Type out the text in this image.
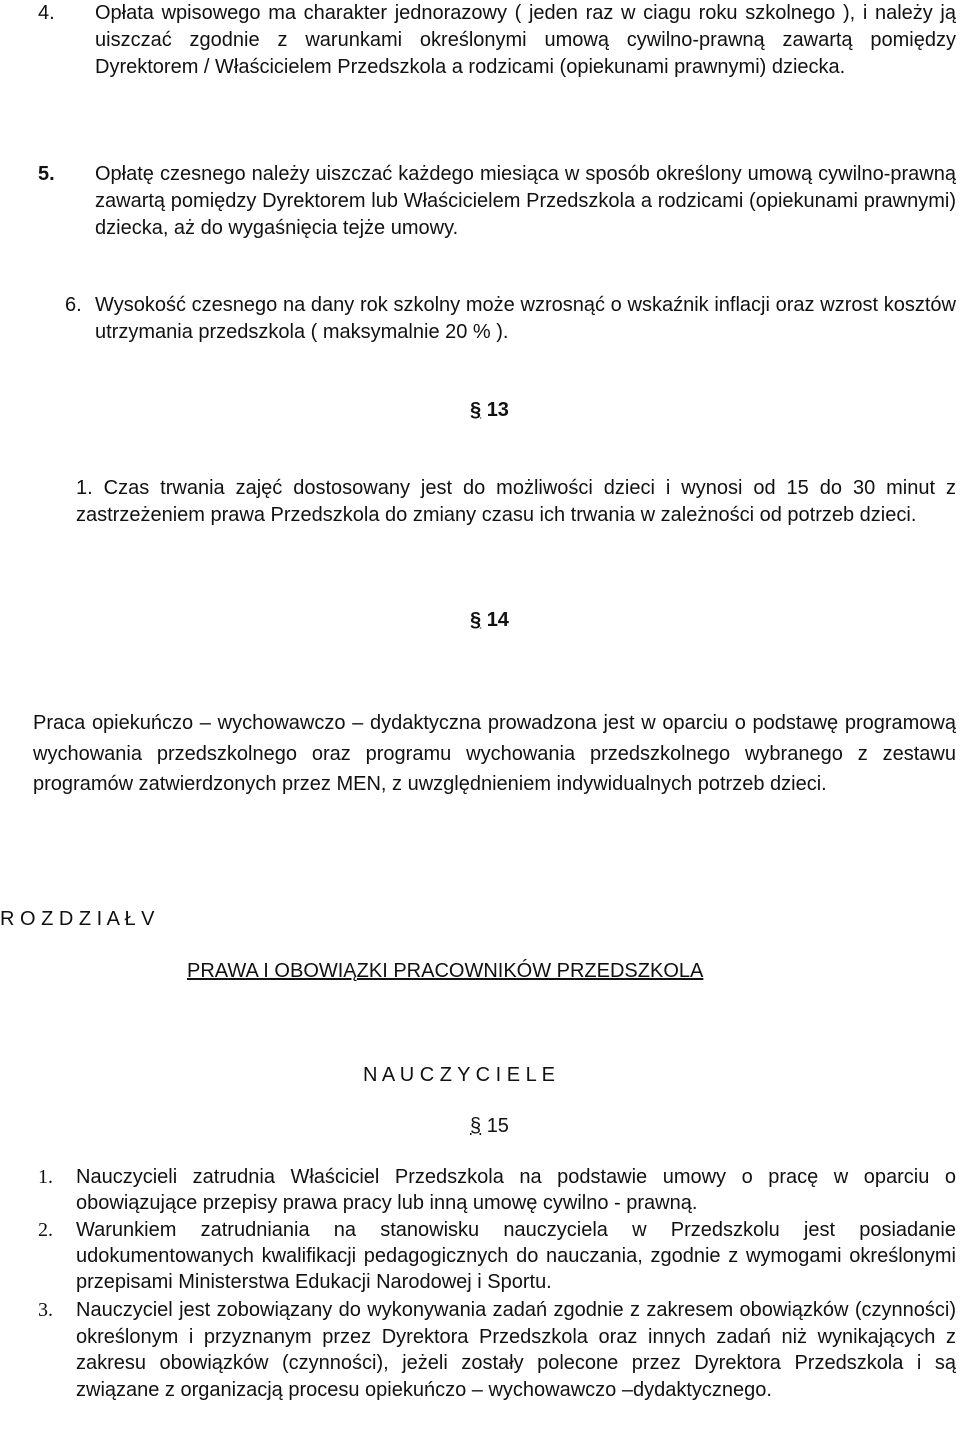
4. Opłata wpisowego ma charakter jednorazowy ( jeden raz w ciagu roku szkolnego ), i należy ją uiszczać zgodnie z warunkami określonymi umową cywilno-prawną zawartą pomiędzy Dyrektorem / Właścicielem Przedszkola a rodzicami (opiekunami prawnymi) dziecka.
5. Opłatę czesnego należy uiszczać każdego miesiąca w sposób określony umową cywilno-prawną zawartą pomiędzy Dyrektorem lub Właścicielem Przedszkola a rodzicami (opiekunami prawnymi) dziecka, aż do wygaśnięcia tejże umowy.
6. Wysokość czesnego na dany rok szkolny może wzrosnąć o wskaźnik inflacji oraz wzrost kosztów utrzymania przedszkola ( maksymalnie 20 % ).
§ 13
1. Czas trwania zajęć dostosowany jest do możliwości dzieci i wynosi od 15 do 30 minut z zastrzeżeniem prawa Przedszkola do zmiany czasu ich trwania w zależności od potrzeb dzieci.
§ 14
Praca opiekuńczo – wychowawczo – dydaktyczna prowadzona jest w oparciu o podstawę programową wychowania przedszkolnego oraz programu wychowania przedszkolnego wybranego z zestawu programów zatwierdzonych przez MEN, z uwzględnieniem indywidualnych potrzeb dzieci.
R O Z D Z I A Ł V
PRAWA I OBOWIĄZKI PRACOWNIKÓW PRZEDSZKOLA
N A U C Z Y C I E L E
§ 15
1. Nauczycieli zatrudnia Właściciel Przedszkola na podstawie umowy o pracę w oparciu o obowiązujące przepisy prawa pracy lub inną umowę cywilno - prawną.
2. Warunkiem zatrudniania na stanowisku nauczyciela w Przedszkolu jest posiadanie udokumentowanych kwalifikacji pedagogicznych do nauczania, zgodnie z wymogami określonymi przepisami Ministerstwa Edukacji Narodowej i Sportu.
3. Nauczyciel jest zobowiązany do wykonywania zadań zgodnie z zakresem obowiązków (czynności) określonym i przyznanym przez Dyrektora Przedszkola oraz innych zadań niż wynikających z zakresu obowiązków (czynności), jeżeli zostały polecone przez Dyrektora Przedszkola i są związane z organizacją procesu opiekuńczo – wychowawczo –dydaktycznego.
